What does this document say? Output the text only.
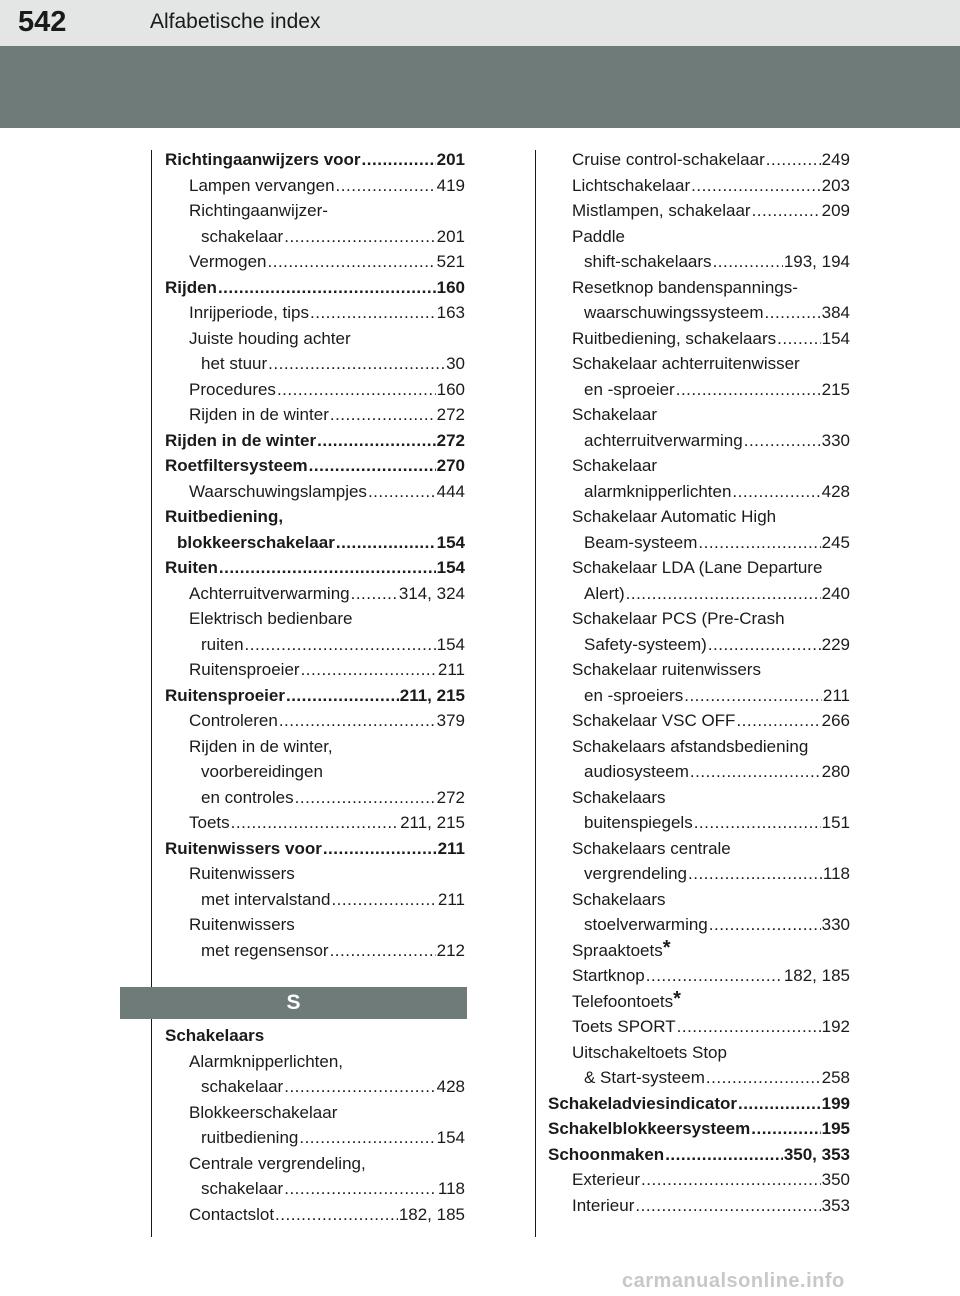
542	Alfabetische index
Richtingaanwijzers voor .....	201
Lampen vervangen .....	419
Richtingaanwijzer-
schakelaar .....	201
Vermogen .....	521
Rijden .....	160
Inrijperiode, tips .....	163
Juiste houding achter
het stuur .....	30
Procedures .....	160
Rijden in de winter .....	272
Rijden in de winter .....	272
Roetfiltersysteem .....	270
Waarschuwingslampjes .....	444
Ruitbediening,
blokkeerschakelaar .....	154
Ruiten .....	154
Achterruitverwarming .....	314, 324
Elektrisch bedienbare
ruiten .....	154
Ruitensproeier .....	211
Ruitensproeier .....	211, 215
Controleren .....	379
Rijden in de winter,
voorbereidingen
en controles .....	272
Toets .....	211, 215
Ruitenwissers voor .....	211
Ruitenwissers
met intervalstand .....	211
Ruitenwissers
met regensensor .....	212
S
Schakelaars
Alarmknipperlichten,
schakelaar .....	428
Blokkeerschakelaar
ruitbediening .....	154
Centrale vergrendeling,
schakelaar .....	118
Contactslot .....	182, 185
Cruise control-schakelaar .....	249
Lichtschakelaar .....	203
Mistlampen, schakelaar .....	209
Paddle
shift-schakelaars .....	193, 194
Resetknop bandenspannings-
waarschuwingssysteem .....	384
Ruitbediening, schakelaars .....	154
Schakelaar achterruitenwisser
en -sproeier .....	215
Schakelaar
achterruitverwarming .....	330
Schakelaar
alarmknipperlichten .....	428
Schakelaar Automatic High
Beam-systeem .....	245
Schakelaar LDA (Lane Departure
Alert) .....	240
Schakelaar PCS (Pre-Crash
Safety-systeem) .....	229
Schakelaar ruitenwissers
en -sproeiers .....	211
Schakelaar VSC OFF .....	266
Schakelaars afstandsbediening
audiosysteem .....	280
Schakelaars
buitenspiegels .....	151
Schakelaars centrale
vergrendeling .....	118
Schakelaars
stoelverwarming .....	330
Spraaktoets*
Startknop .....	182, 185
Telefoontoets*
Toets SPORT .....	192
Uitschakeltoets Stop
& Start-systeem .....	258
Schakeladviesindicator .....	199
Schakelblokkeersysteem .....	195
Schoonmaken .....	350, 353
Exterieur .....	350
Interieur .....	353
carmanualsonline.info
